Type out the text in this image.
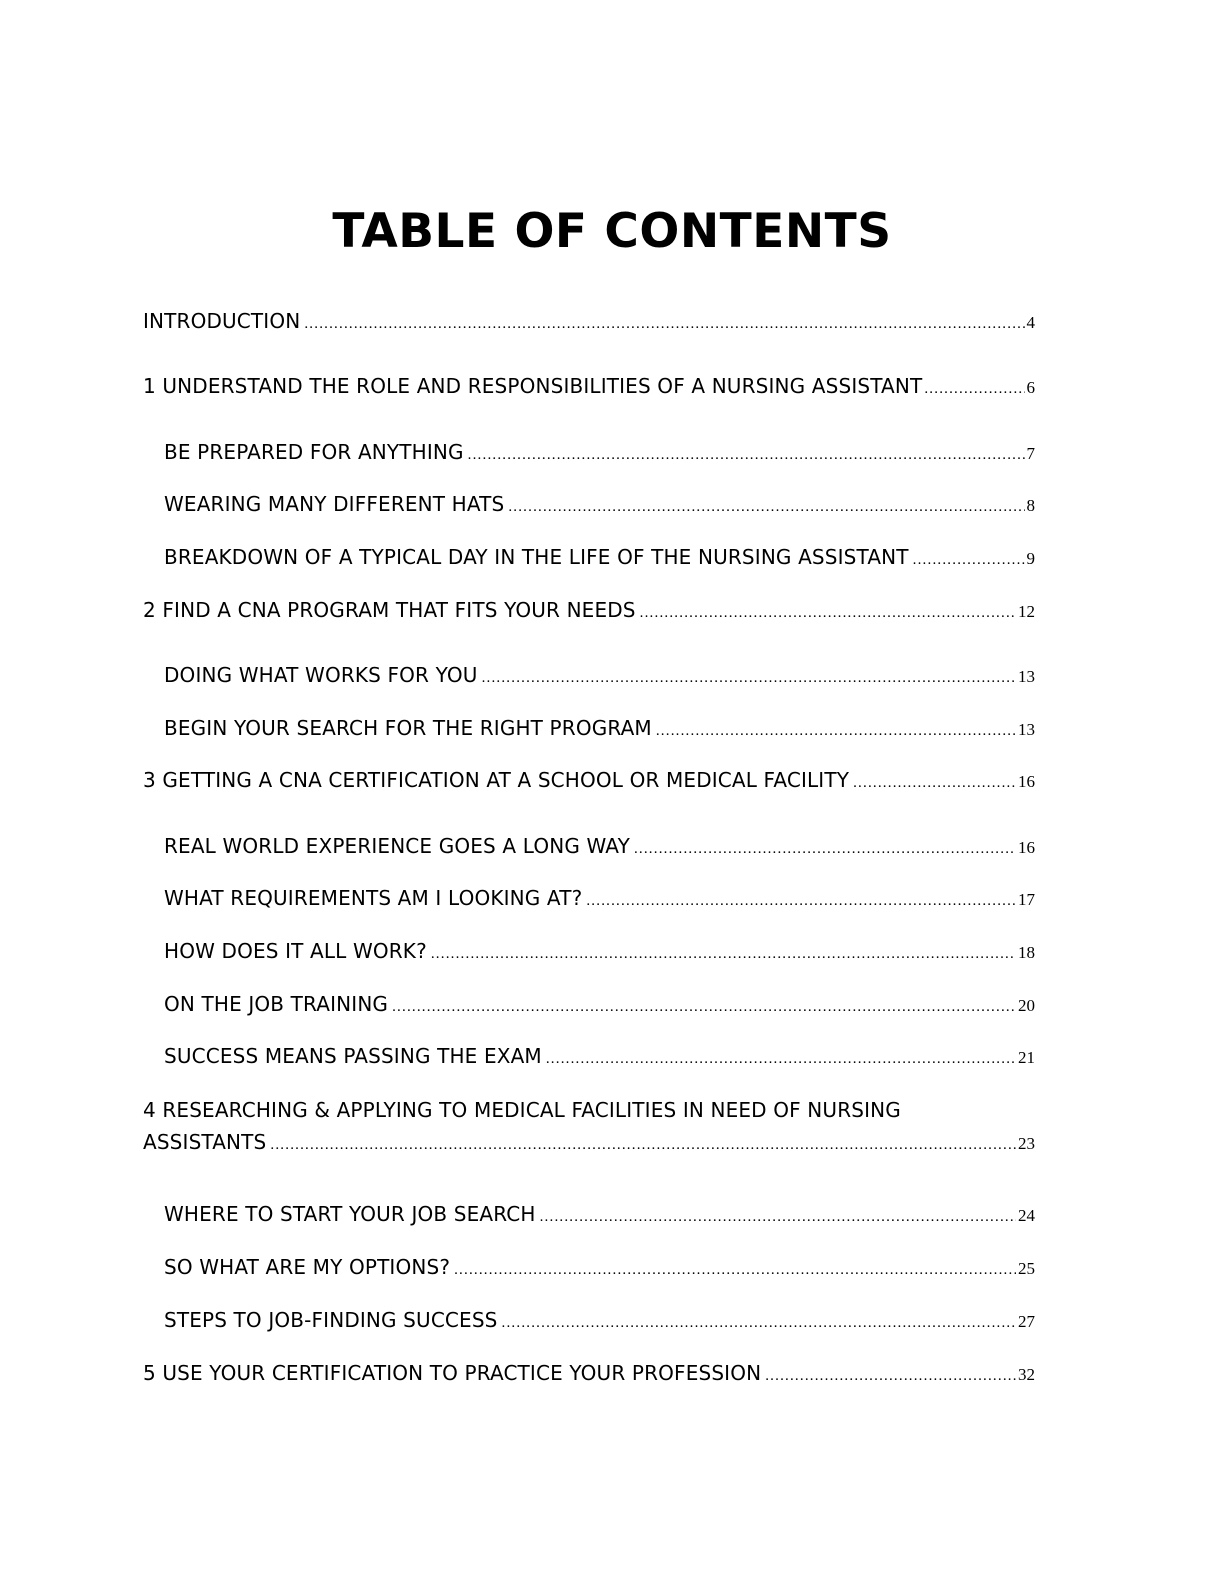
TABLE OF CONTENTS
INTRODUCTION .....	4
1 UNDERSTAND THE ROLE AND RESPONSIBILITIES OF A NURSING ASSISTANT .....	6
BE PREPARED FOR ANYTHING .....	7
WEARING MANY DIFFERENT HATS .....	8
BREAKDOWN OF A TYPICAL DAY IN THE LIFE OF THE NURSING ASSISTANT .....	9
2 FIND A CNA PROGRAM THAT FITS YOUR NEEDS .....	12
DOING WHAT WORKS FOR YOU .....	13
BEGIN YOUR SEARCH FOR THE RIGHT PROGRAM .....	13
3 GETTING A CNA CERTIFICATION AT A SCHOOL OR MEDICAL FACILITY .....	16
REAL WORLD EXPERIENCE GOES A LONG WAY .....	16
WHAT REQUIREMENTS AM I LOOKING AT? .....	17
HOW DOES IT ALL WORK? .....	18
ON THE JOB TRAINING .....	20
SUCCESS MEANS PASSING THE EXAM .....	21
4 RESEARCHING & APPLYING TO MEDICAL FACILITIES IN NEED OF NURSING
ASSISTANTS .....	23
WHERE TO START YOUR JOB SEARCH .....	24
SO WHAT ARE MY OPTIONS? .....	25
STEPS TO JOB-FINDING SUCCESS .....	27
5 USE YOUR CERTIFICATION TO PRACTICE YOUR PROFESSION .....	32
